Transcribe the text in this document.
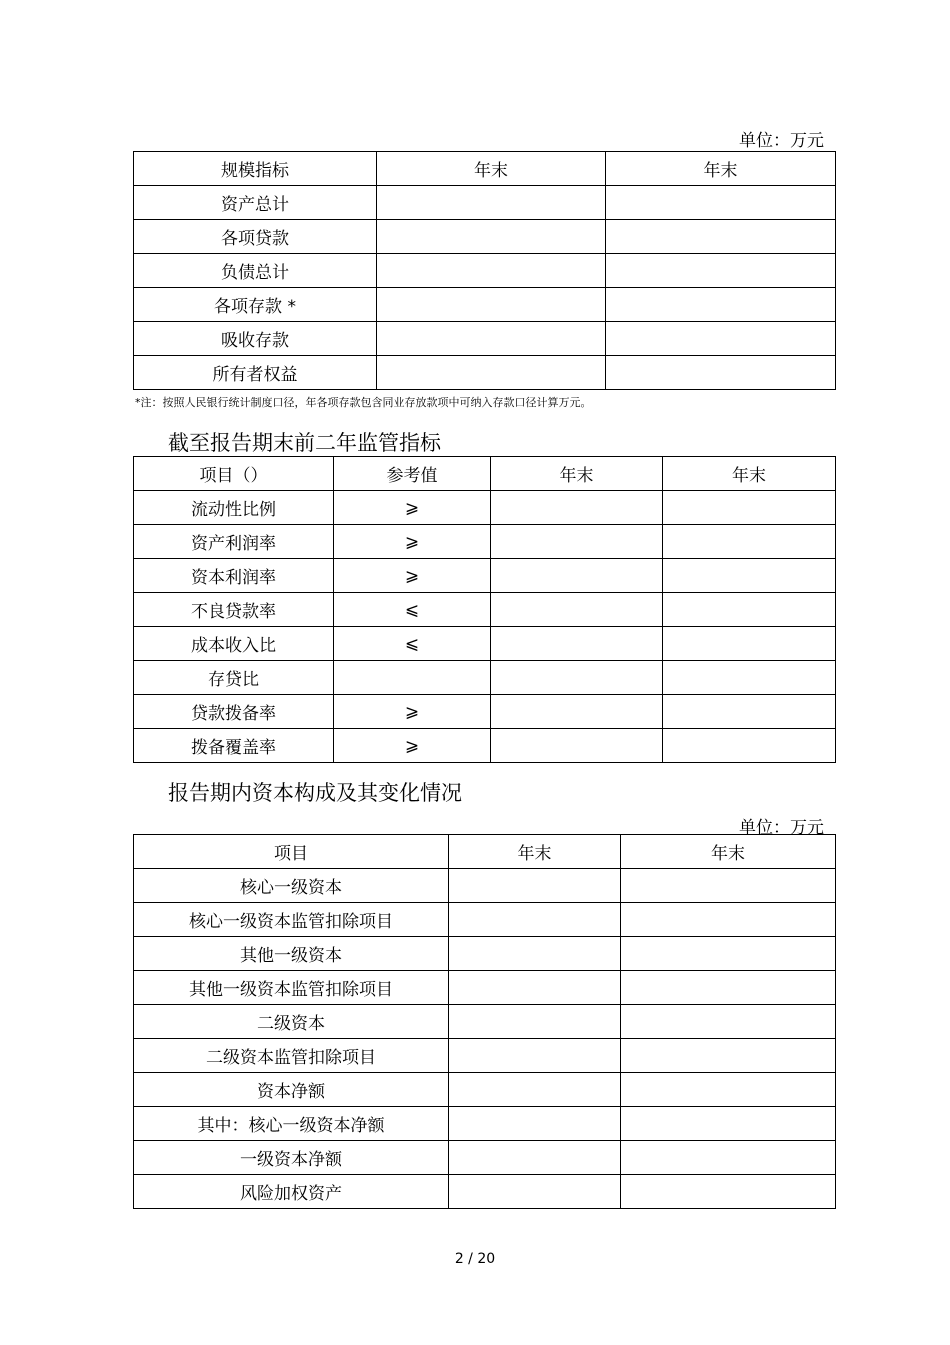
单位：万元
规模指标	年末	年末
资产总计		
各项贷款		
负债总计		
各项存款 *		
吸收存款		
所有者权益		
*注：按照人民银行统计制度口径，年各项存款包含同业存放款项中可纳入存款口径计算万元。
截至报告期末前二年监管指标
项目（）	参考值	年末	年末
流动性比例	⩾		
资产利润率	⩾		
资本利润率	⩾		
不良贷款率	⩽		
成本收入比	⩽		
存贷比			
贷款拨备率	⩾		
拨备覆盖率	⩾		
报告期内资本构成及其变化情况
单位：万元
项目	年末	年末
核心一级资本		
核心一级资本监管扣除项目		
其他一级资本		
其他一级资本监管扣除项目		
二级资本		
二级资本监管扣除项目		
资本净额		
其中：核心一级资本净额		
一级资本净额		
风险加权资产		
2 / 20
